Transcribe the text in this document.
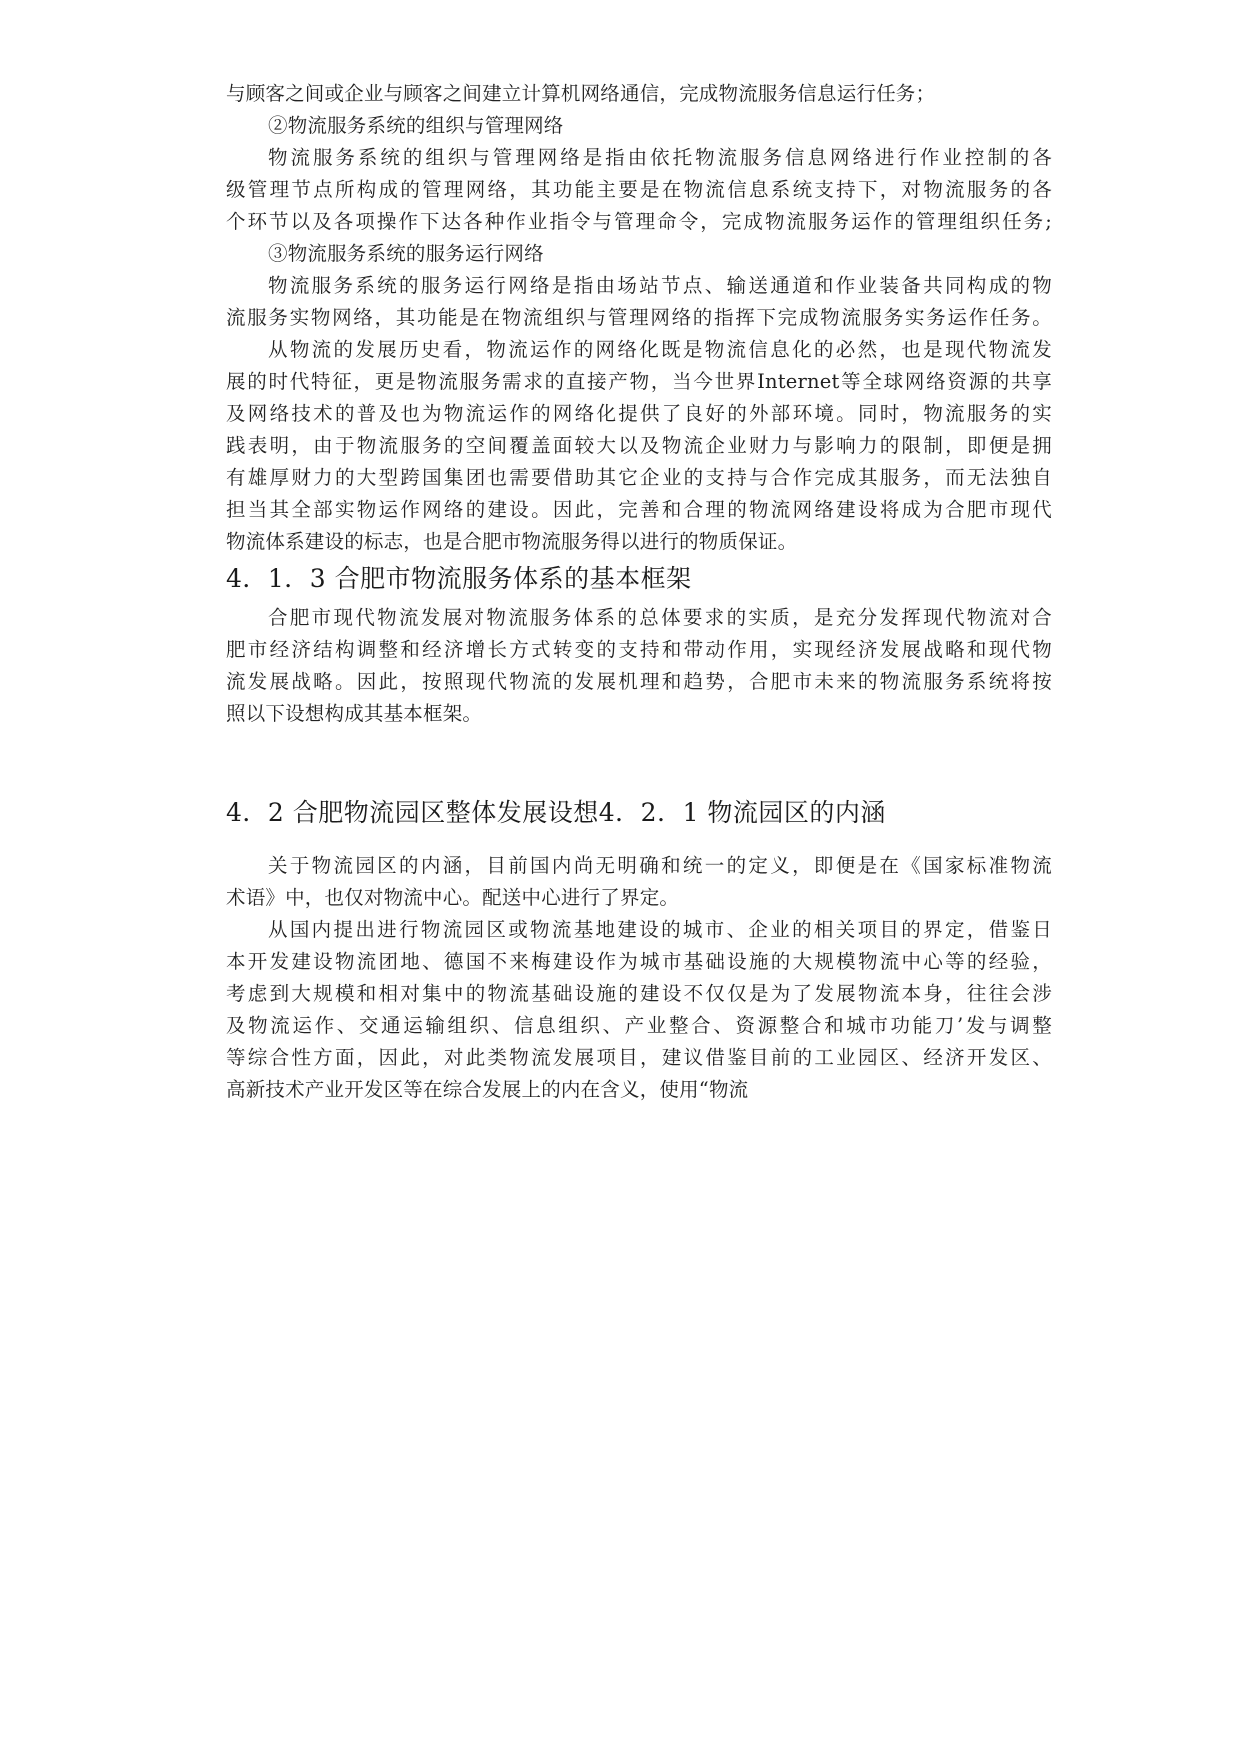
与顾客之间或企业与顾客之间建立计算机网络通信，完成物流服务信息运行任务；
②物流服务系统的组织与管理网络
物流服务系统的组织与管理网络是指由依托物流服务信息网络进行作业控制的各
级管理节点所构成的管理网络，其功能主要是在物流信息系统支持下，对物流服务的各
个环节以及各项操作下达各种作业指令与管理命令，完成物流服务运作的管理组织任务;
③物流服务系统的服务运行网络
物流服务系统的服务运行网络是指由场站节点、输送通道和作业装备共同构成的物
流服务实物网络，其功能是在物流组织与管理网络的指挥下完成物流服务实务运作任务。
从物流的发展历史看，物流运作的网络化既是物流信息化的必然，也是现代物流发
展的时代特征，更是物流服务需求的直接产物，当今世界Internet等全球网络资源的共享
及网络技术的普及也为物流运作的网络化提供了良好的外部环境。同时，物流服务的实
践表明，由于物流服务的空间覆盖面较大以及物流企业财力与影响力的限制，即便是拥
有雄厚财力的大型跨国集团也需要借助其它企业的支持与合作完成其服务，而无法独自
担当其全部实物运作网络的建设。因此，完善和合理的物流网络建设将成为合肥市现代
物流体系建设的标志，也是合肥市物流服务得以进行的物质保证。
4．1．3 合肥市物流服务体系的基本框架
合肥市现代物流发展对物流服务体系的总体要求的实质，是充分发挥现代物流对合
肥市经济结构调整和经济增长方式转变的支持和带动作用，实现经济发展战略和现代物
流发展战略。因此，按照现代物流的发展机理和趋势，合肥市未来的物流服务系统将按
照以下设想构成其基本框架。
4．2 合肥物流园区整体发展设想4．2．1 物流园区的内涵
关于物流园区的内涵，目前国内尚无明确和统一的定义，即便是在《国家标准物流
术语》中，也仅对物流中心。配送中心进行了界定。
从国内提出进行物流园区或物流基地建设的城市、企业的相关项目的界定，借鉴日
本开发建设物流团地、德国不来梅建设作为城市基础设施的大规模物流中心等的经验，
考虑到大规模和相对集中的物流基础设施的建设不仅仅是为了发展物流本身，往往会涉
及物流运作、交通运输组织、信息组织、产业整合、资源整合和城市功能刀’发与调整
等综合性方面，因此，对此类物流发展项目，建议借鉴目前的工业园区、经济开发区、
高新技术产业开发区等在综合发展上的内在含义，使用“物流
